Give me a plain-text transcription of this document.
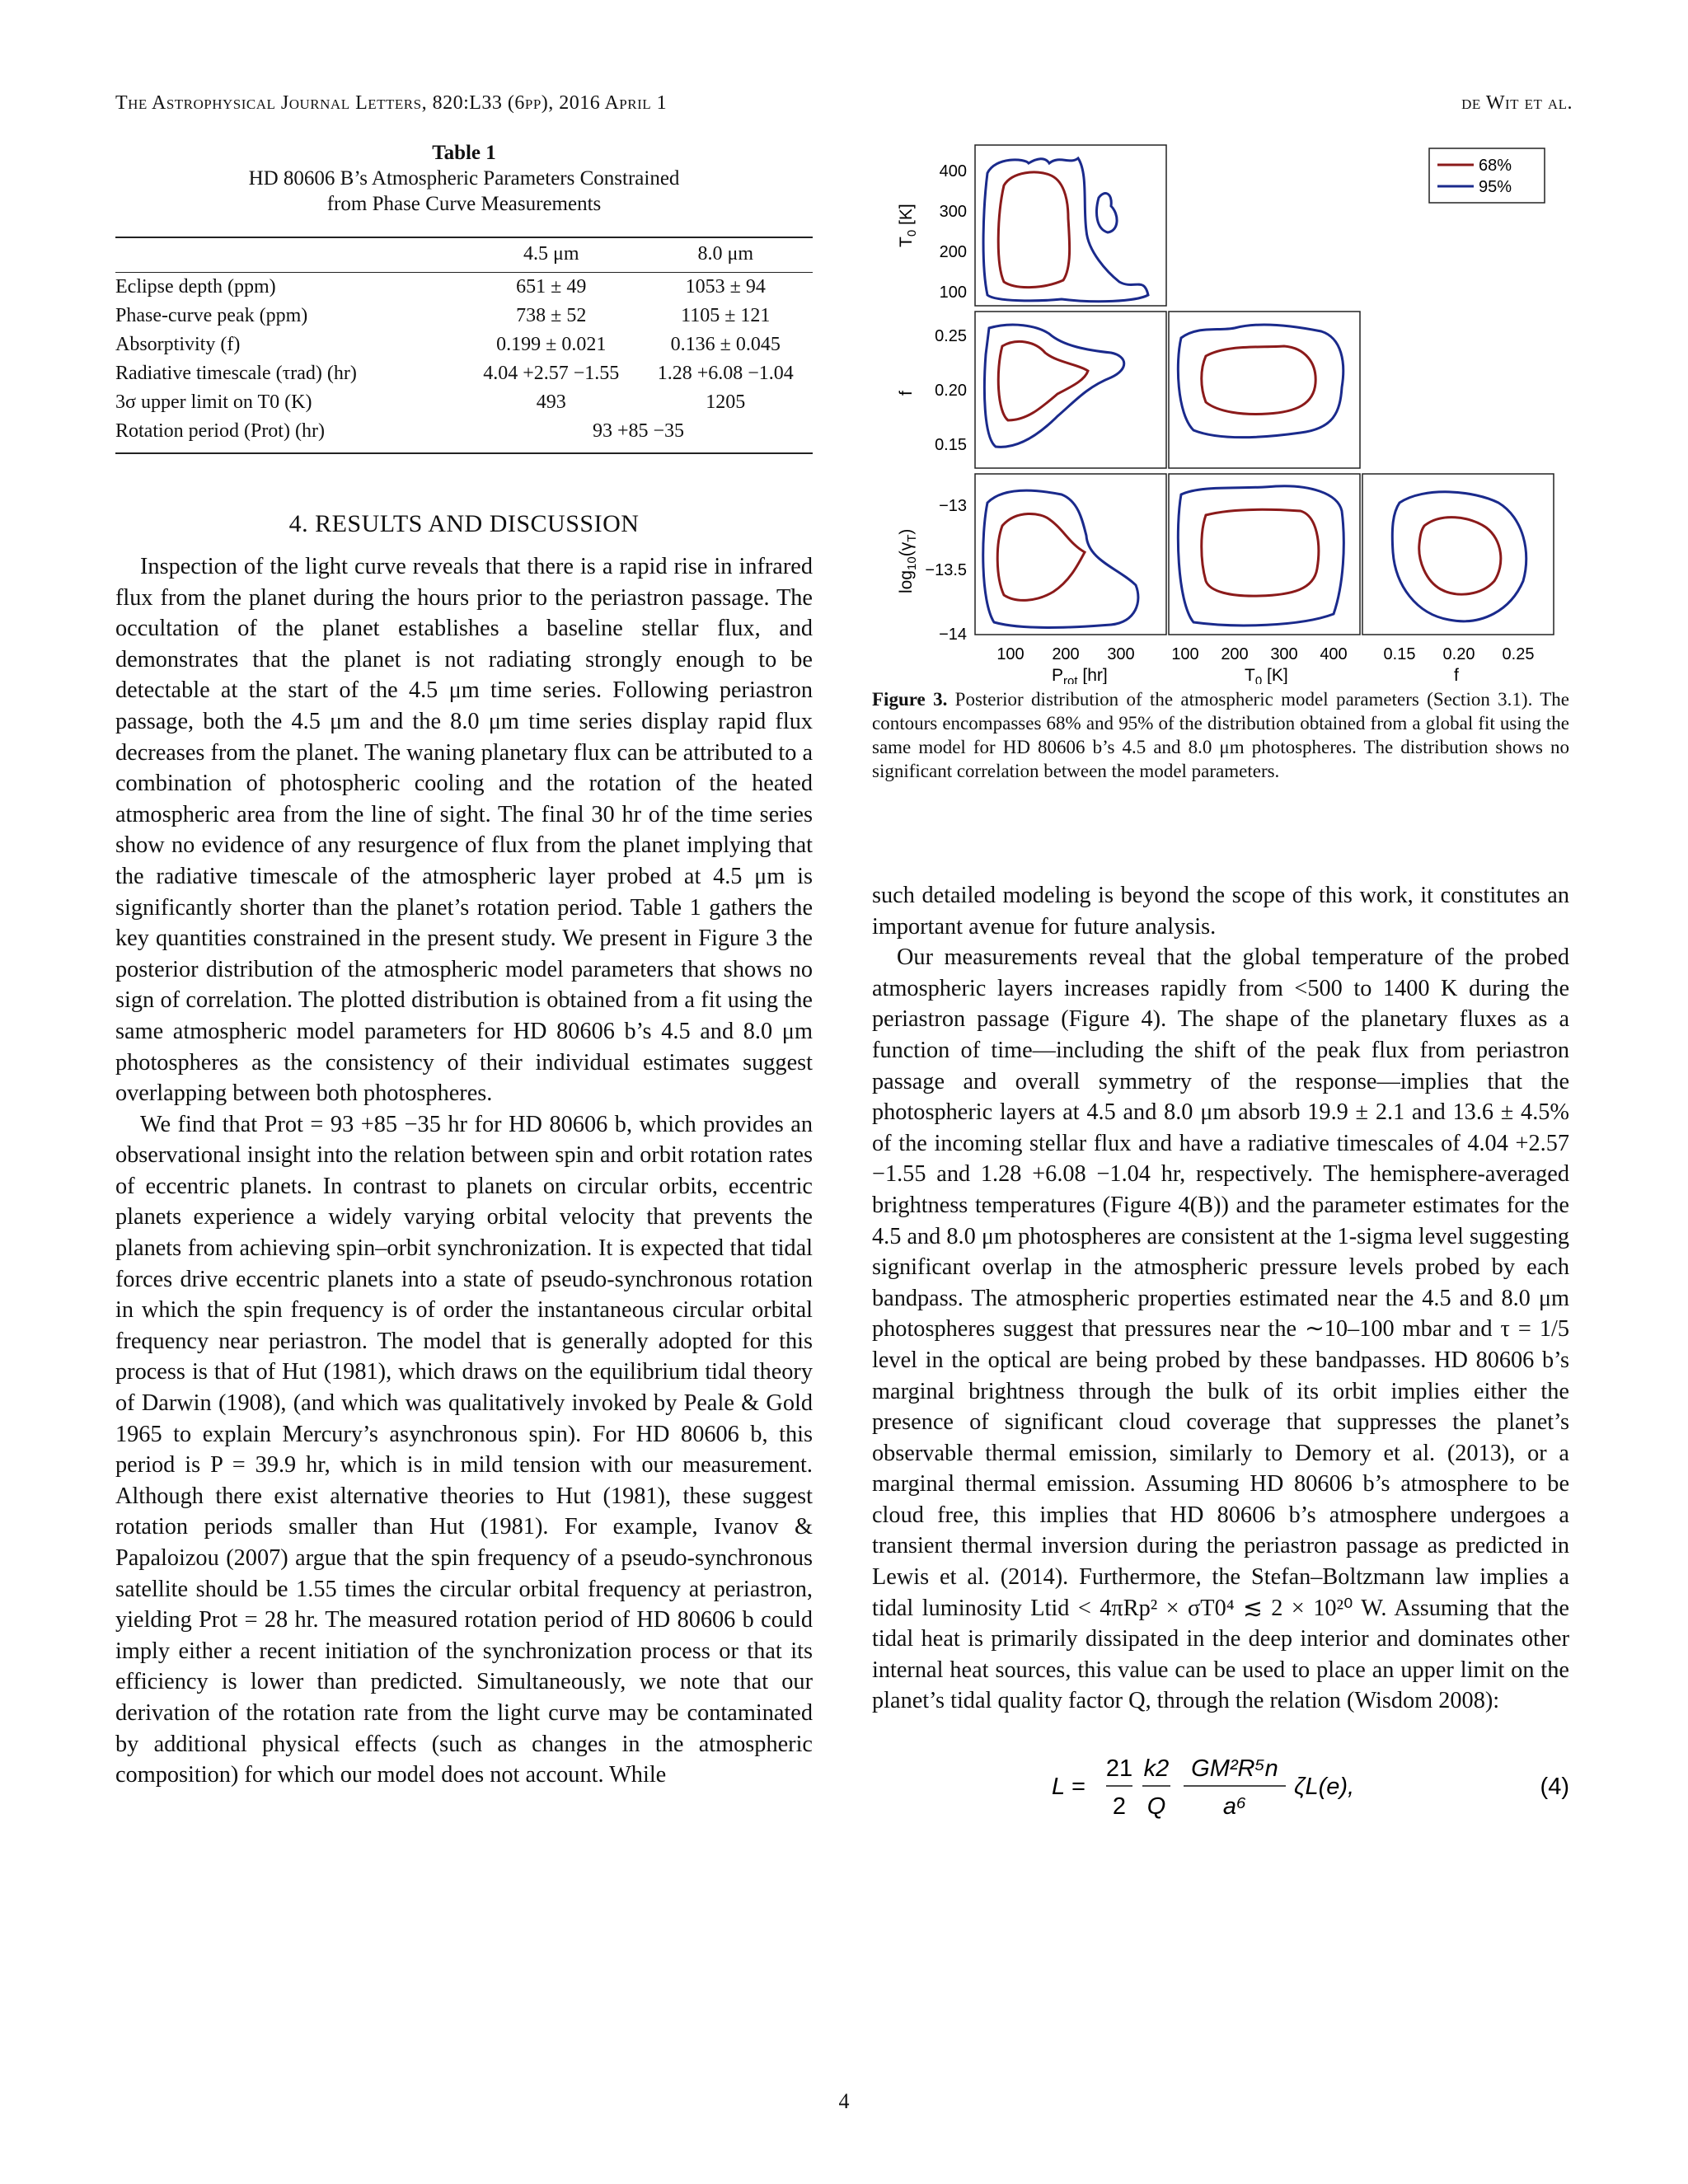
The Astrophysical Journal Letters, 820:L33 (6pp), 2016 April 1	de Wit et al.
Table 1
HD 80606 B’s Atmospheric Parameters Constrained
from Phase Curve Measurements
	4.5 μm	8.0 μm
Eclipse depth (ppm)	651 ± 49	1053 ± 94
Phase-curve peak (ppm)	738 ± 52	1105 ± 121
Absorptivity (f)	0.199 ± 0.021	0.136 ± 0.045
Radiative timescale (τrad) (hr)	4.04 +2.57 −1.55	1.28 +6.08 −1.04
3σ upper limit on T0 (K)	493	1205
Rotation period (Prot) (hr)	93 +85 −35	
4. RESULTS AND DISCUSSION

Inspection of the light curve reveals that there is a rapid rise in infrared flux from the planet during the hours prior to the periastron passage. The occultation of the planet establishes a baseline stellar flux, and demonstrates that the planet is not radiating strongly enough to be detectable at the start of the 4.5 μm time series. Following periastron passage, both the 4.5 μm and the 8.0 μm time series display rapid flux decreases from the planet. The waning planetary flux can be attributed to a combination of photospheric cooling and the rotation of the heated atmospheric area from the line of sight. The final 30 hr of the time series show no evidence of any resurgence of flux from the planet implying that the radiative timescale of the atmospheric layer probed at 4.5 μm is significantly shorter than the planet’s rotation period. Table 1 gathers the key quantities constrained in the present study. We present in Figure 3 the posterior distribution of the atmospheric model parameters that shows no sign of correlation. The plotted distribution is obtained from a fit using the same atmospheric model parameters for HD 80606 b’s 4.5 and 8.0 μm photospheres as the consistency of their individual estimates suggest overlapping between both photospheres.

We find that Prot = 93 +85 −35 hr for HD 80606 b, which provides an observational insight into the relation between spin and orbit rotation rates of eccentric planets. In contrast to planets on circular orbits, eccentric planets experience a widely varying orbital velocity that prevents the planets from achieving spin–orbit synchronization. It is expected that tidal forces drive eccentric planets into a state of pseudo-synchronous rotation in which the spin frequency is of order the instantaneous circular orbital frequency near periastron. The model that is generally adopted for this process is that of Hut (1981), which draws on the equilibrium tidal theory of Darwin (1908), (and which was qualitatively invoked by Peale & Gold 1965 to explain Mercury’s asynchronous spin). For HD 80606 b, this period is P = 39.9 hr, which is in mild tension with our measurement. Although there exist alternative theories to Hut (1981), these suggest rotation periods smaller than Hut (1981). For example, Ivanov & Papaloizou (2007) argue that the spin frequency of a pseudo-synchronous satellite should be 1.55 times the circular orbital frequency at periastron, yielding Prot = 28 hr. The measured rotation period of HD 80606 b could imply either a recent initiation of the synchronization process or that its efficiency is lower than predicted. Simultaneously, we note that our derivation of the rotation rate from the light curve may be contaminated by additional physical effects (such as changes in the atmospheric composition) for which our model does not account. While

68%
95%
400
300
200
100
0.25
0.20
0.15
−13
−13.5
−14
100 200 300 100 200 300 400 0.15 0.20 0.25
$P_{rot}$ [hr]	$T_0$ [K]	f
$T_0$ [K]
f
$\log_{10}(\gamma_T)$
Figure 3. Posterior distribution of the atmospheric model parameters (Section 3.1). The contours encompasses 68% and 95% of the distribution obtained from a global fit using the same model for HD 80606 b’s 4.5 and 8.0 μm photospheres. The distribution shows no significant correlation between the model parameters.

such detailed modeling is beyond the scope of this work, it constitutes an important avenue for future analysis.

Our measurements reveal that the global temperature of the probed atmospheric layers increases rapidly from <500 to 1400 K during the periastron passage (Figure 4). The shape of the planetary fluxes as a function of time—including the shift of the peak flux from periastron passage and overall symmetry of the response—implies that the photospheric layers at 4.5 and 8.0 μm absorb 19.9 ± 2.1 and 13.6 ± 4.5% of the incoming stellar flux and have a radiative timescales of 4.04 +2.57 −1.55 and 1.28 +6.08 −1.04 hr, respectively. The hemisphere-averaged brightness temperatures (Figure 4(B)) and the parameter estimates for the 4.5 and 8.0 μm photospheres are consistent at the 1-sigma level suggesting significant overlap in the atmospheric pressure levels probed by each bandpass. The atmospheric properties estimated near the 4.5 and 8.0 μm photospheres suggest that pressures near the ∼10–100 mbar and τ = 1/5 level in the optical are being probed by these bandpasses. HD 80606 b’s marginal brightness through the bulk of its orbit implies either the presence of significant cloud coverage that suppresses the planet’s observable thermal emission, similarly to Demory et al. (2013), or a marginal thermal emission. Assuming HD 80606 b’s atmosphere to be cloud free, this implies that HD 80606 b’s atmosphere undergoes a transient thermal inversion during the periastron passage as predicted in Lewis et al. (2014). Furthermore, the Stefan–Boltzmann law implies a tidal luminosity Ltid < 4πRp² × σT0⁴ ≲ 2 × 10²⁰ W. Assuming that the tidal heat is primarily dissipated in the deep interior and dominates other internal heat sources, this value can be used to place an upper limit on the planet’s tidal quality factor Q, through the relation (Wisdom 2008):

L =
21
2
k2
Q
GM²R⁵n
a⁶
ζL(e),	(4)
4
